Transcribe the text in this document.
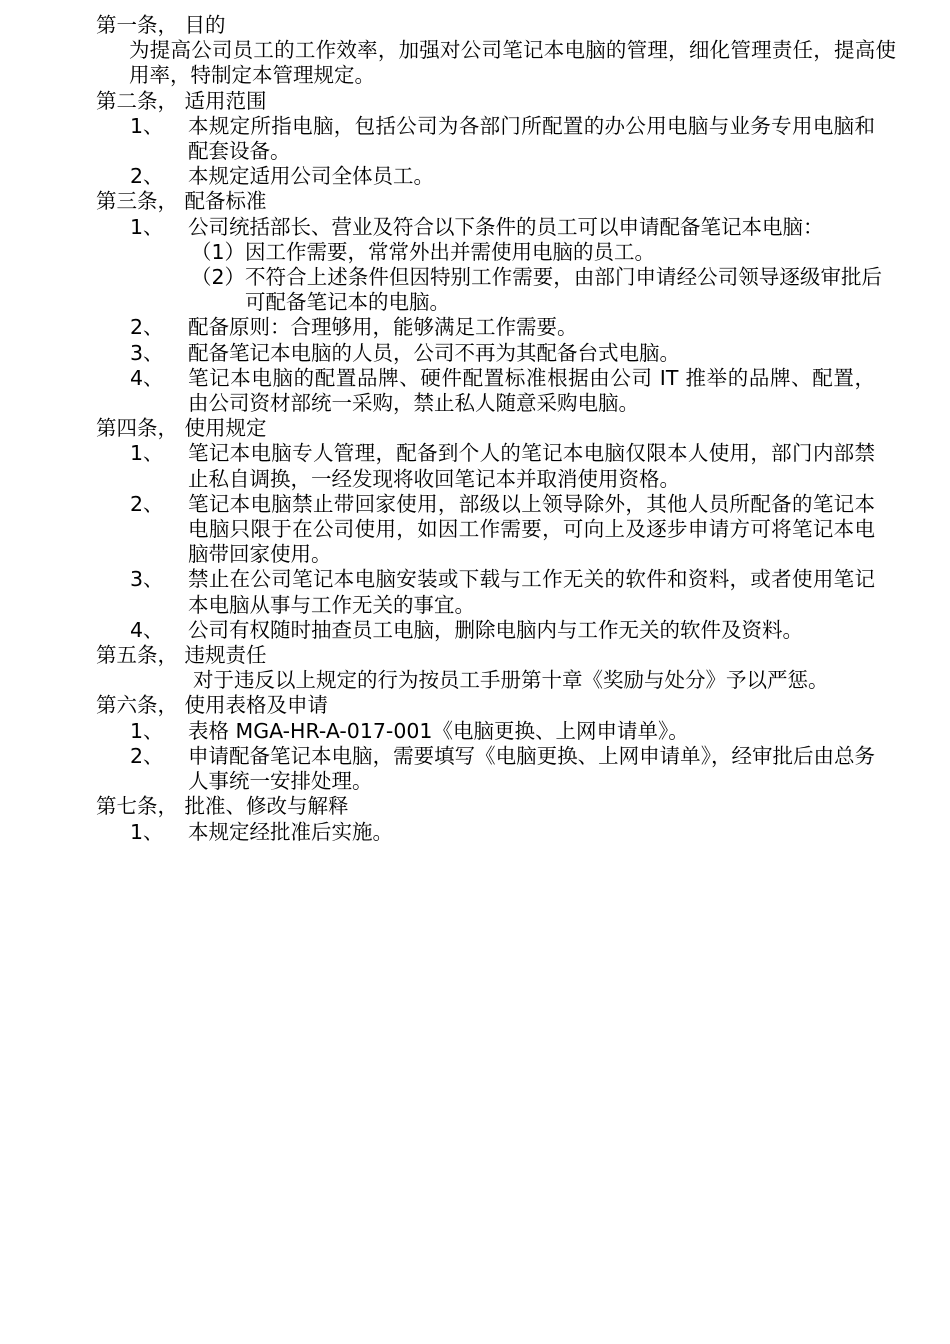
第一条， 目的
为提高公司员工的工作效率，加强对公司笔记本电脑的管理，细化管理责任，提高使用率，特制定本管理规定。
第二条， 适用范围
1、	本规定所指电脑，包括公司为各部门所配置的办公用电脑与业务专用电脑和配套设备。
2、	本规定适用公司全体员工。
第三条， 配备标准
1、	公司统括部长、营业及符合以下条件的员工可以申请配备笔记本电脑：
（1） 因工作需要，常常外出并需使用电脑的员工。
（2） 不符合上述条件但因特别工作需要，由部门申请经公司领导逐级审批后可配备笔记本的电脑。
2、	配备原则：合理够用，能够满足工作需要。
3、	配备笔记本电脑的人员，公司不再为其配备台式电脑。
4、	笔记本电脑的配置品牌、硬件配置标准根据由公司 IT 推举的品牌、配置，由公司资材部统一采购，禁止私人随意采购电脑。
第四条， 使用规定
1、	笔记本电脑专人管理，配备到个人的笔记本电脑仅限本人使用，部门内部禁止私自调换，一经发现将收回笔记本并取消使用资格。
2、	笔记本电脑禁止带回家使用，部级以上领导除外，其他人员所配备的笔记本电脑只限于在公司使用，如因工作需要，可向上及逐步申请方可将笔记本电脑带回家使用。
3、	禁止在公司笔记本电脑安装或下载与工作无关的软件和资料，或者使用笔记本电脑从事与工作无关的事宜。
4、	公司有权随时抽查员工电脑，删除电脑内与工作无关的软件及资料。
第五条， 违规责任
对于违反以上规定的行为按员工手册第十章《奖励与处分》予以严惩。
第六条， 使用表格及申请
1、	表格 MGA-HR-A-017-001《电脑更换、上网申请单》。
2、	申请配备笔记本电脑，需要填写《电脑更换、上网申请单》，经审批后由总务人事统一安排处理。
第七条， 批准、修改与解释
1、	本规定经批准后实施。
